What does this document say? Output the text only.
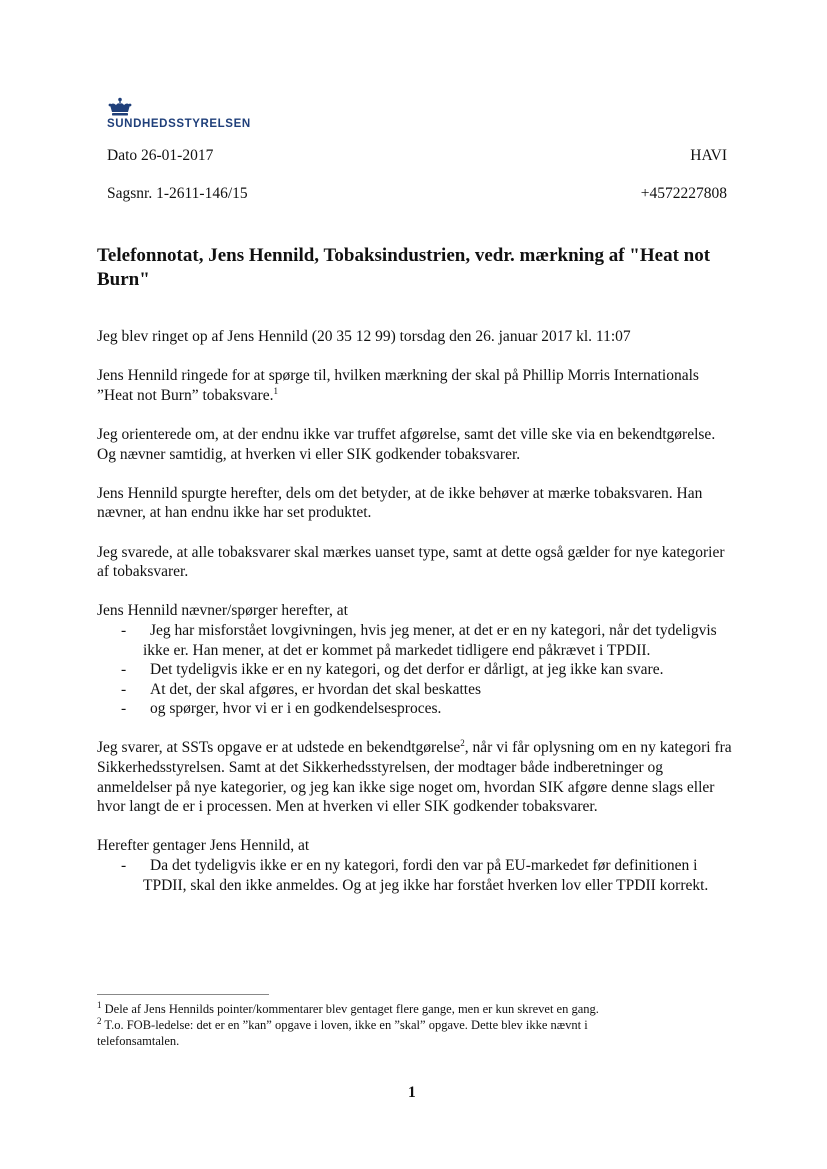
SUNDHEDSSTYRELSEN
Dato 26-01-2017	HAVI
Sagsnr. 1-2611-146/15	+4572227808
Telefonnotat, Jens Hennild, Tobaksindustrien, vedr. mærkning af "Heat not Burn"

Jeg blev ringet op af Jens Hennild (20 35 12 99) torsdag den 26. januar 2017 kl. 11:07

Jens Hennild ringede for at spørge til, hvilken mærkning der skal på Phillip Morris Internationals ”Heat not Burn” tobaksvare.$^1$

Jeg orienterede om, at der endnu ikke var truffet afgørelse, samt det ville ske via en bekendtgørelse. Og nævner samtidig, at hverken vi eller SIK godkender tobaksvarer.

Jens Hennild spurgte herefter, dels om det betyder, at de ikke behøver at mærke tobaksvaren. Han nævner, at han endnu ikke har set produktet.

Jeg svarede, at alle tobaksvarer skal mærkes uanset type, samt at dette også gælder for nye kategorier af tobaksvarer.

Jens Hennild nævner/spørger herefter, at

- Jeg har misforstået lovgivningen, hvis jeg mener, at det er en ny kategori, når det tydeligvis ikke er. Han mener, at det er kommet på markedet tidligere end påkrævet i TPDII.
- Det tydeligvis ikke er en ny kategori, og det derfor er dårligt, at jeg ikke kan svare.
- At det, der skal afgøres, er hvordan det skal beskattes
- og spørger, hvor vi er i en godkendelsesproces.

Jeg svarer, at SSTs opgave er at udstede en bekendtgørelse$^2$, når vi får oplysning om en ny kategori fra Sikkerhedsstyrelsen. Samt at det Sikkerhedsstyrelsen, der modtager både indberetninger og anmeldelser på nye kategorier, og jeg kan ikke sige noget om, hvordan SIK afgøre denne slags eller hvor langt de er i processen. Men at hverken vi eller SIK godkender tobaksvarer.

Herefter gentager Jens Hennild, at

- Da det tydeligvis ikke er en ny kategori, fordi den var på EU-markedet før definitionen i TPDII, skal den ikke anmeldes. Og at jeg ikke har forstået hverken lov eller TPDII korrekt.
$^1$ Dele af Jens Hennilds pointer/kommentarer blev gentaget flere gange, men er kun skrevet en gang.
$^2$ T.o. FOB-ledelse: det er en ”kan” opgave i loven, ikke en ”skal” opgave. Dette blev ikke nævnt i telefonsamtalen.
1
